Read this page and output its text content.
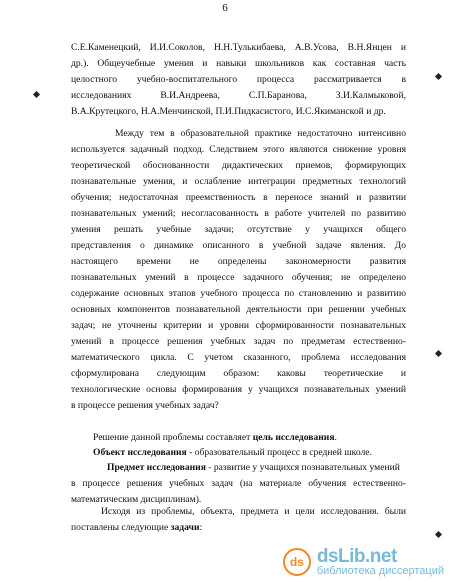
6
С.Е.Каменецкий, И.И.Соколов, Н.Н.Тулькибаева, А.В.Усова, В.Н.Янцен и
др.). Общеучебные умения и навыки школьников как составная часть
целостного учебно-воспитательного процесса рассматривается в
исследованиях В.И.Андреева, С.П.Баранова, З.И.Калмыковой,
В.А.Крутецкого, Н.А.Менчинской, П.И.Пидкасистого, И.С.Якиманской и др.
Между тем в образовательной практике недостаточно интенсивно
используется задачный подход. Следствием этого являются снижение уровня
теоретической обоснованности дидактических приемов, формирующих
познавательные умения, и ослабление интеграции предметных технологий
обучения; недостаточная преемственность в переносе знаний и развитии
познавательных умений; несогласованность в работе учителей по развитию
умения решать учебные задачи; отсутствие у учащихся общего
представления о динамике описанного в учебной задаче явления. До
настоящего времени не определены закономерности развития
познавательных умений в процессе задачного обучения; не определено
содержание основных этапов учебного процесса по становлению и развитию
основных компонентов познавательной деятельности при решении учебных
задач; не уточнены критерии и уровни сформированности познавательных
умений в процессе решения учебных задач по предметам естественно-
математического цикла. С учетом сказанного, проблема исследования
сформулирована следующим образом: каковы теоретические и
технологические основы формирования у учащихся познавательных умений
в процессе решения учебных задач?
Решение данной проблемы составляет цель исследования.
Объект исследования - образовательный процесс в средней школе.
Предмет исследования - развитие у учащихся познавательных умений
в процессе решения учебных задач (на материале обучения естественно-
математическим дисциплинам).
Исходя из проблемы, объекта, предмета и цели исследования. были
поставлены следующие задачи:
ds dsLib.net
библиотека диссертаций
